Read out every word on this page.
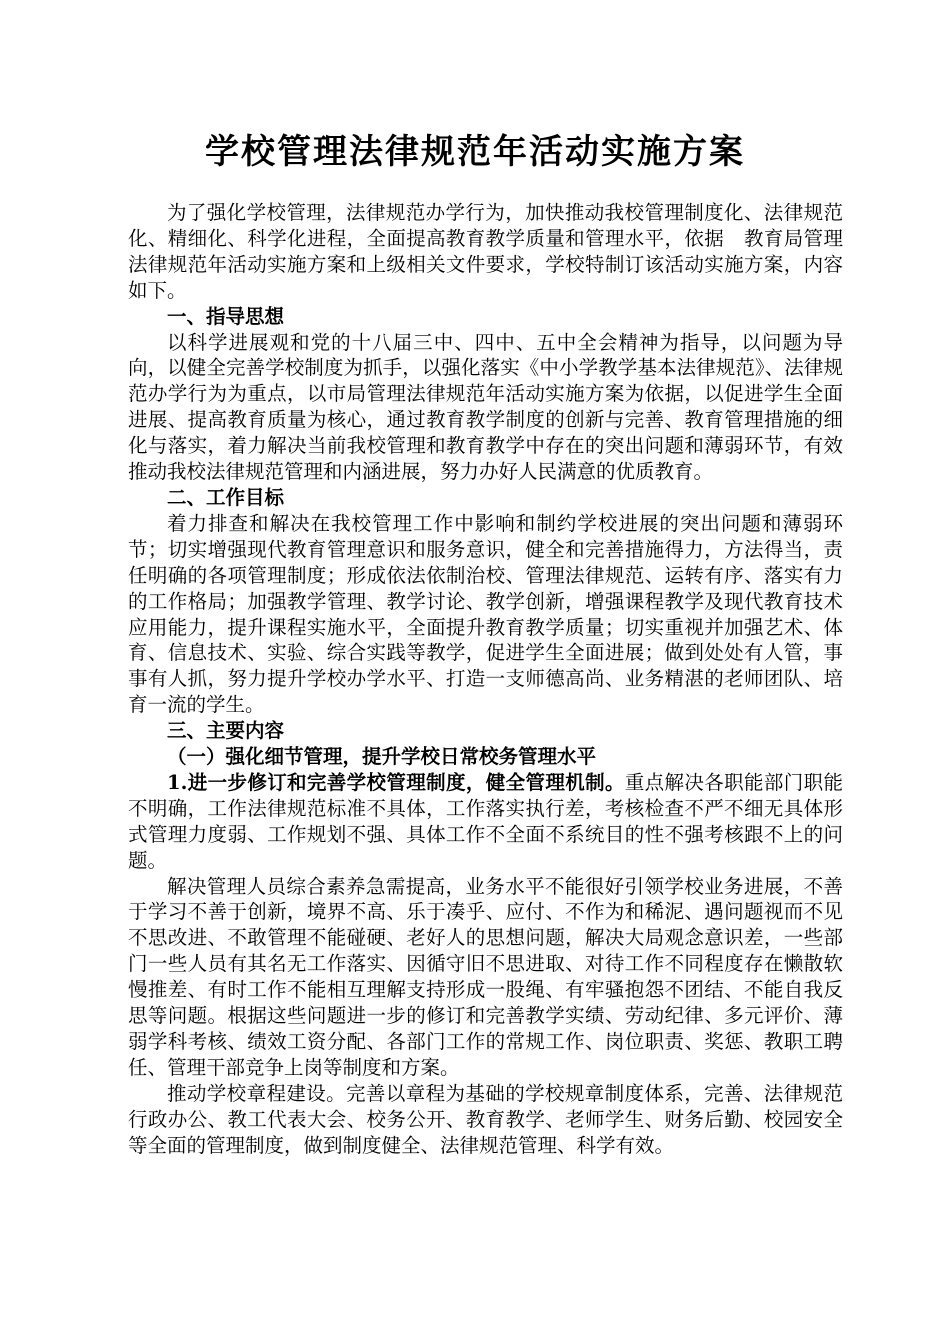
学校管理法律规范年活动实施方案

为了强化学校管理，法律规范办学行为，加快推动我校管理制度化、法律规范化、精细化、科学化进程，全面提高教育教学质量和管理水平，依据　教育局管理法律规范年活动实施方案和上级相关文件要求，学校特制订该活动实施方案，内容如下。

一、指导思想

以科学进展观和党的十八届三中、四中、五中全会精神为指导，以问题为导向，以健全完善学校制度为抓手，以强化落实《中小学教学基本法律规范》、法律规范办学行为为重点，以市局管理法律规范年活动实施方案为依据，以促进学生全面进展、提高教育质量为核心，通过教育教学制度的创新与完善、教育管理措施的细化与落实，着力解决当前我校管理和教育教学中存在的突出问题和薄弱环节，有效推动我校法律规范管理和内涵进展，努力办好人民满意的优质教育。

二、工作目标

着力排查和解决在我校管理工作中影响和制约学校进展的突出问题和薄弱环节；切实增强现代教育管理意识和服务意识，健全和完善措施得力，方法得当，责任明确的各项管理制度；形成依法依制治校、管理法律规范、运转有序、落实有力的工作格局；加强教学管理、教学讨论、教学创新，增强课程教学及现代教育技术应用能力，提升课程实施水平，全面提升教育教学质量；切实重视并加强艺术、体育、信息技术、实验、综合实践等教学，促进学生全面进展；做到处处有人管，事事有人抓，努力提升学校办学水平、打造一支师德高尚、业务精湛的老师团队、培育一流的学生。

三、主要内容

（一）强化细节管理，提升学校日常校务管理水平

1.进一步修订和完善学校管理制度，健全管理机制。重点解决各职能部门职能不明确，工作法律规范标准不具体，工作落实执行差，考核检查不严不细无具体形式管理力度弱、工作规划不强、具体工作不全面不系统目的性不强考核跟不上的问题。

解决管理人员综合素养急需提高，业务水平不能很好引领学校业务进展，不善于学习不善于创新，境界不高、乐于凑乎、应付、不作为和稀泥、遇问题视而不见不思改进、不敢管理不能碰硬、老好人的思想问题，解决大局观念意识差，一些部门一些人员有其名无工作落实、因循守旧不思进取、对待工作不同程度存在懒散软慢推差、有时工作不能相互理解支持形成一股绳、有牢骚抱怨不团结、不能自我反思等问题。根据这些问题进一步的修订和完善教学实绩、劳动纪律、多元评价、薄弱学科考核、绩效工资分配、各部门工作的常规工作、岗位职责、奖惩、教职工聘任、管理干部竞争上岗等制度和方案。

推动学校章程建设。完善以章程为基础的学校规章制度体系，完善、法律规范行政办公、教工代表大会、校务公开、教育教学、老师学生、财务后勤、校园安全等全面的管理制度，做到制度健全、法律规范管理、科学有效。
